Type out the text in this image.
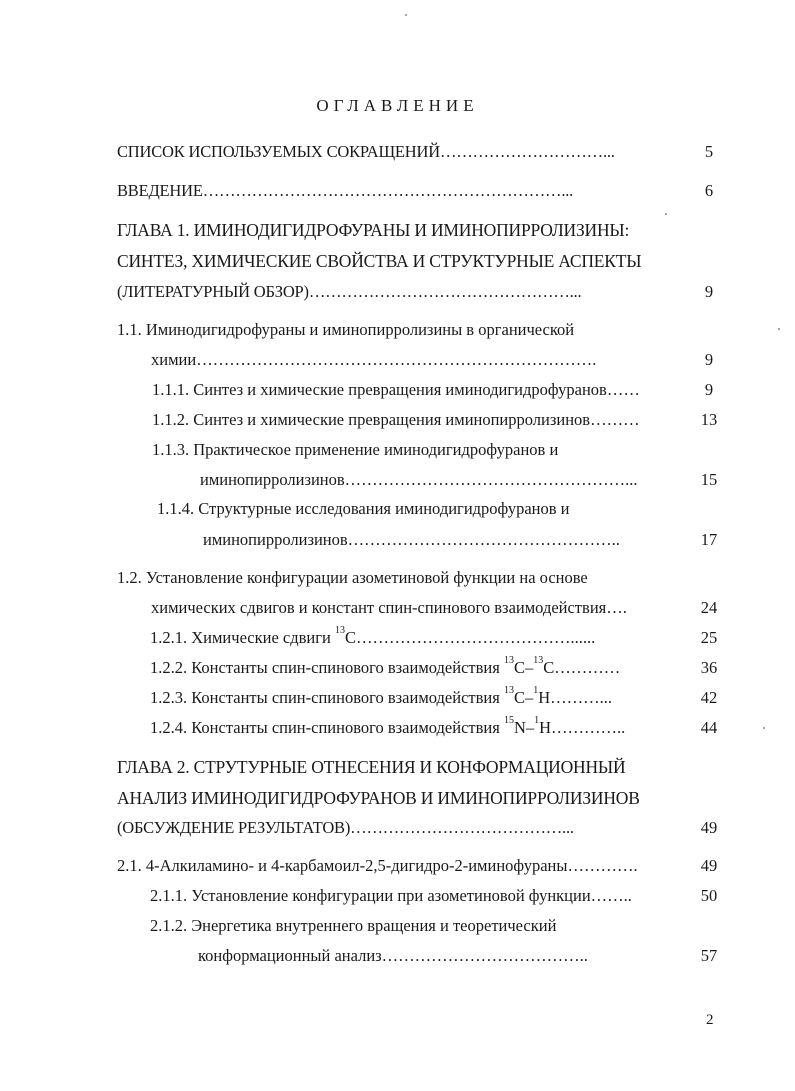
ОГЛАВЛЕНИЕ
СПИСОК ИСПОЛЬЗУЕМЫХ СОКРАЩЕНИЙ…………………………...	5
ВВЕДЕНИЕ…………………………………………………………...	6
ГЛАВА 1. ИМИНОДИГИДРОФУРАНЫ И ИМИНОПИРРОЛИЗИНЫ:
СИНТЕЗ, ХИМИЧЕСКИЕ СВОЙСТВА И СТРУКТУРНЫЕ АСПЕКТЫ
(ЛИТЕРАТУРНЫЙ ОБЗОР)…………………………………………...	9
1.1. Иминодигидрофураны и иминопирролизины в органической
химии……………………………………………………………….	9
1.1.1. Синтез и химические превращения иминодигидрофуранов……	9
1.1.2. Синтез и химические превращения иминопирролизинов………	13
1.1.3. Практическое применение иминодигидрофуранов и
иминопирролизинов……………………………………………...	15
1.1.4. Структурные исследования иминодигидрофуранов и
иминопирролизинов…………………………………………..	17
1.2. Установление конфигурации азометиновой функции на основе
химических сдвигов и констант спин-спинового взаимодействия….	24
1.2.1. Химические сдвиги $^{13}$C…………………………………......	25
1.2.2. Константы спин-спинового взаимодействия $^{13}$C–$^{13}$C…………	36
1.2.3. Константы спин-спинового взаимодействия $^{13}$C–$^1$H………...	42
1.2.4. Константы спин-спинового взаимодействия $^{15}$N–$^1$H…………..	44
ГЛАВА 2. СТРУТУРНЫЕ ОТНЕСЕНИЯ И КОНФОРМАЦИОННЫЙ
АНАЛИЗ ИМИНОДИГИДРОФУРАНОВ И ИМИНОПИРРОЛИЗИНОВ
(ОБСУЖДЕНИЕ РЕЗУЛЬТАТОВ)…………………………………...	49
2.1. 4-Алкиламино- и 4-карбамоил-2,5-дигидро-2-иминофураны………….	49
2.1.1. Установление конфигурации при азометиновой функции……..	50
2.1.2. Энергетика внутреннего вращения и теоретический
конформационный анализ………………………………..	57
2
